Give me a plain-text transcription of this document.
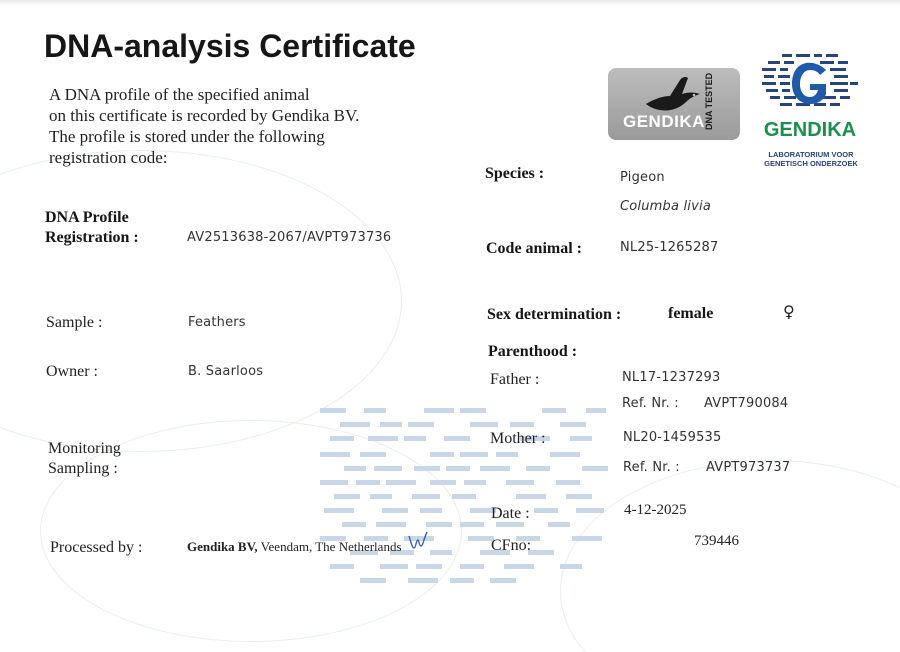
DNA-analysis Certificate
A DNA profile of the specified animal
on this certificate is recorded by Gendika BV.
The profile is stored under the following
registration code:
GENDIKA DNA TESTED GENDIKA
LABORATORIUM VOOR
GENETISCH ONDERZOEK
DNA Profile
Registration :	AV2513638-2067/AVPT973736
Sample :	Feathers
Owner :	B. Saarloos
Monitoring
Sampling :
Processed by :	Gendika BV, Veendam, The Netherlands
Species :	Pigeon
Columba livia
Code animal :	NL25-1265287
Sex determination :	female	♀
Parenthood :
Father :	NL17-1237293
Ref. Nr. : AVPT790084
Mother :	NL20-1459535
Ref. Nr. : AVPT973737
Date :	4-12-2025
CFno:	739446
